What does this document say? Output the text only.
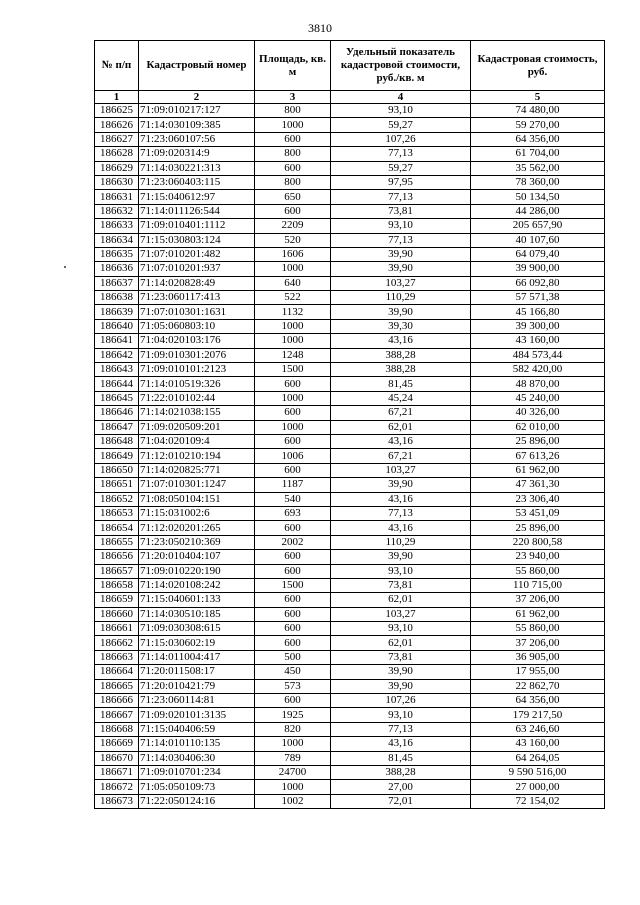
3810
№ п/п	Кадастровый номер	Площадь, кв. м	Удельный показатель кадастровой стоимости, руб./кв. м	Кадастровая стоимость, руб.
1	2	3	4	5
186625	71:09:010217:127	800	93,10	74 480,00
186626	71:14:030109:385	1000	59,27	59 270,00
186627	71:23:060107:56	600	107,26	64 356,00
186628	71:09:020314:9	800	77,13	61 704,00
186629	71:14:030221:313	600	59,27	35 562,00
186630	71:23:060403:115	800	97,95	78 360,00
186631	71:15:040612:97	650	77,13	50 134,50
186632	71:14:011126:544	600	73,81	44 286,00
186633	71:09:010401:1112	2209	93,10	205 657,90
186634	71:15:030803:124	520	77,13	40 107,60
186635	71:07:010201:482	1606	39,90	64 079,40
186636	71:07:010201:937	1000	39,90	39 900,00
186637	71:14:020828:49	640	103,27	66 092,80
186638	71:23:060117:413	522	110,29	57 571,38
186639	71:07:010301:1631	1132	39,90	45 166,80
186640	71:05:060803:10	1000	39,30	39 300,00
186641	71:04:020103:176	1000	43,16	43 160,00
186642	71:09:010301:2076	1248	388,28	484 573,44
186643	71:09:010101:2123	1500	388,28	582 420,00
186644	71:14:010519:326	600	81,45	48 870,00
186645	71:22:010102:44	1000	45,24	45 240,00
186646	71:14:021038:155	600	67,21	40 326,00
186647	71:09:020509:201	1000	62,01	62 010,00
186648	71:04:020109:4	600	43,16	25 896,00
186649	71:12:010210:194	1006	67,21	67 613,26
186650	71:14:020825:771	600	103,27	61 962,00
186651	71:07:010301:1247	1187	39,90	47 361,30
186652	71:08:050104:151	540	43,16	23 306,40
186653	71:15:031002:6	693	77,13	53 451,09
186654	71:12:020201:265	600	43,16	25 896,00
186655	71:23:050210:369	2002	110,29	220 800,58
186656	71:20:010404:107	600	39,90	23 940,00
186657	71:09:010220:190	600	93,10	55 860,00
186658	71:14:020108:242	1500	73,81	110 715,00
186659	71:15:040601:133	600	62,01	37 206,00
186660	71:14:030510:185	600	103,27	61 962,00
186661	71:09:030308:615	600	93,10	55 860,00
186662	71:15:030602:19	600	62,01	37 206,00
186663	71:14:011004:417	500	73,81	36 905,00
186664	71:20:011508:17	450	39,90	17 955,00
186665	71:20:010421:79	573	39,90	22 862,70
186666	71:23:060114:81	600	107,26	64 356,00
186667	71:09:020101:3135	1925	93,10	179 217,50
186668	71:15:040406:59	820	77,13	63 246,60
186669	71:14:010110:135	1000	43,16	43 160,00
186670	71:14:030406:30	789	81,45	64 264,05
186671	71:09:010701:234	24700	388,28	9 590 516,00
186672	71:05:050109:73	1000	27,00	27 000,00
186673	71:22:050124:16	1002	72,01	72 154,02
